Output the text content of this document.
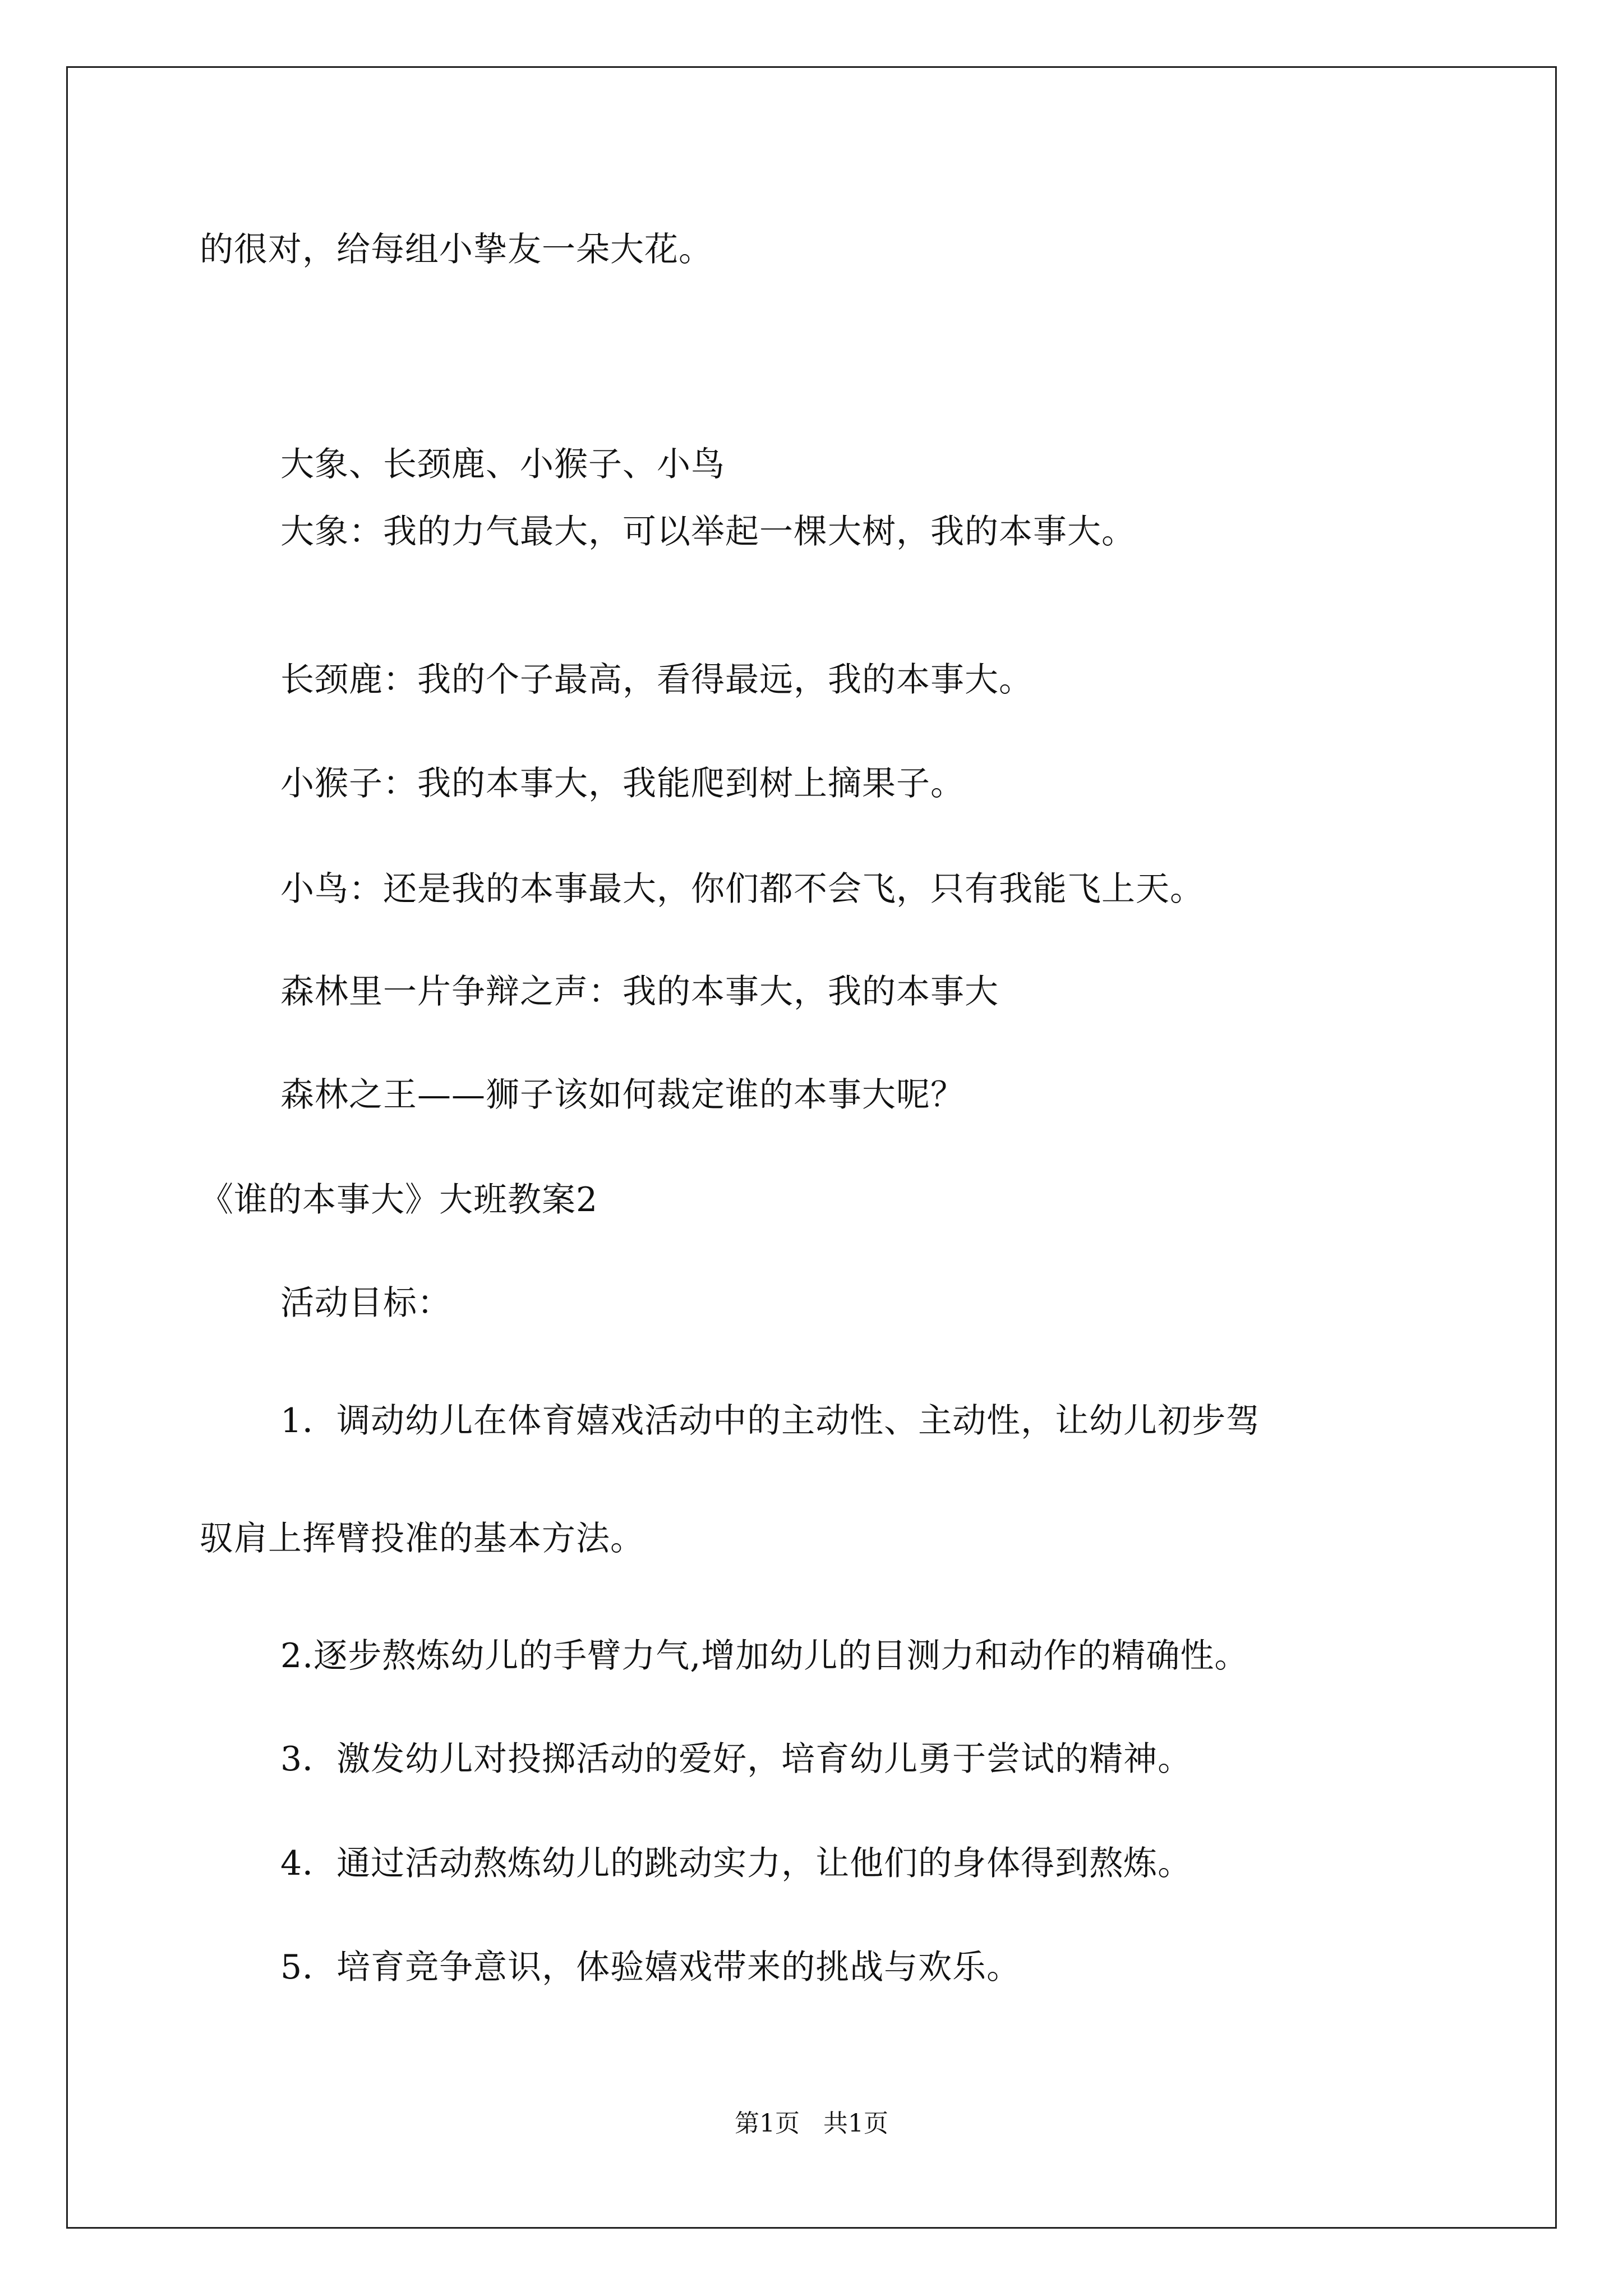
的很对，给每组小挚友一朵大花。
大象、长颈鹿、小猴子、小鸟
大象：我的力气最大，可以举起一棵大树，我的本事大。
长颈鹿：我的个子最高，看得最远，我的本事大。
小猴子：我的本事大，我能爬到树上摘果子。
小鸟：还是我的本事最大，你们都不会飞，只有我能飞上天。
森林里一片争辩之声：我的本事大，我的本事大
森林之王——狮子该如何裁定谁的本事大呢？
《谁的本事大》大班教案2
活动目标：
1．调动幼儿在体育嬉戏活动中的主动性、主动性，让幼儿初步驾
驭肩上挥臂投准的基本方法。
2.逐步熬炼幼儿的手臂力气,增加幼儿的目测力和动作的精确性。
3．激发幼儿对投掷活动的爱好，培育幼儿勇于尝试的精神。
4．通过活动熬炼幼儿的跳动实力，让他们的身体得到熬炼。
5．培育竞争意识，体验嬉戏带来的挑战与欢乐。
第1页   共1页
